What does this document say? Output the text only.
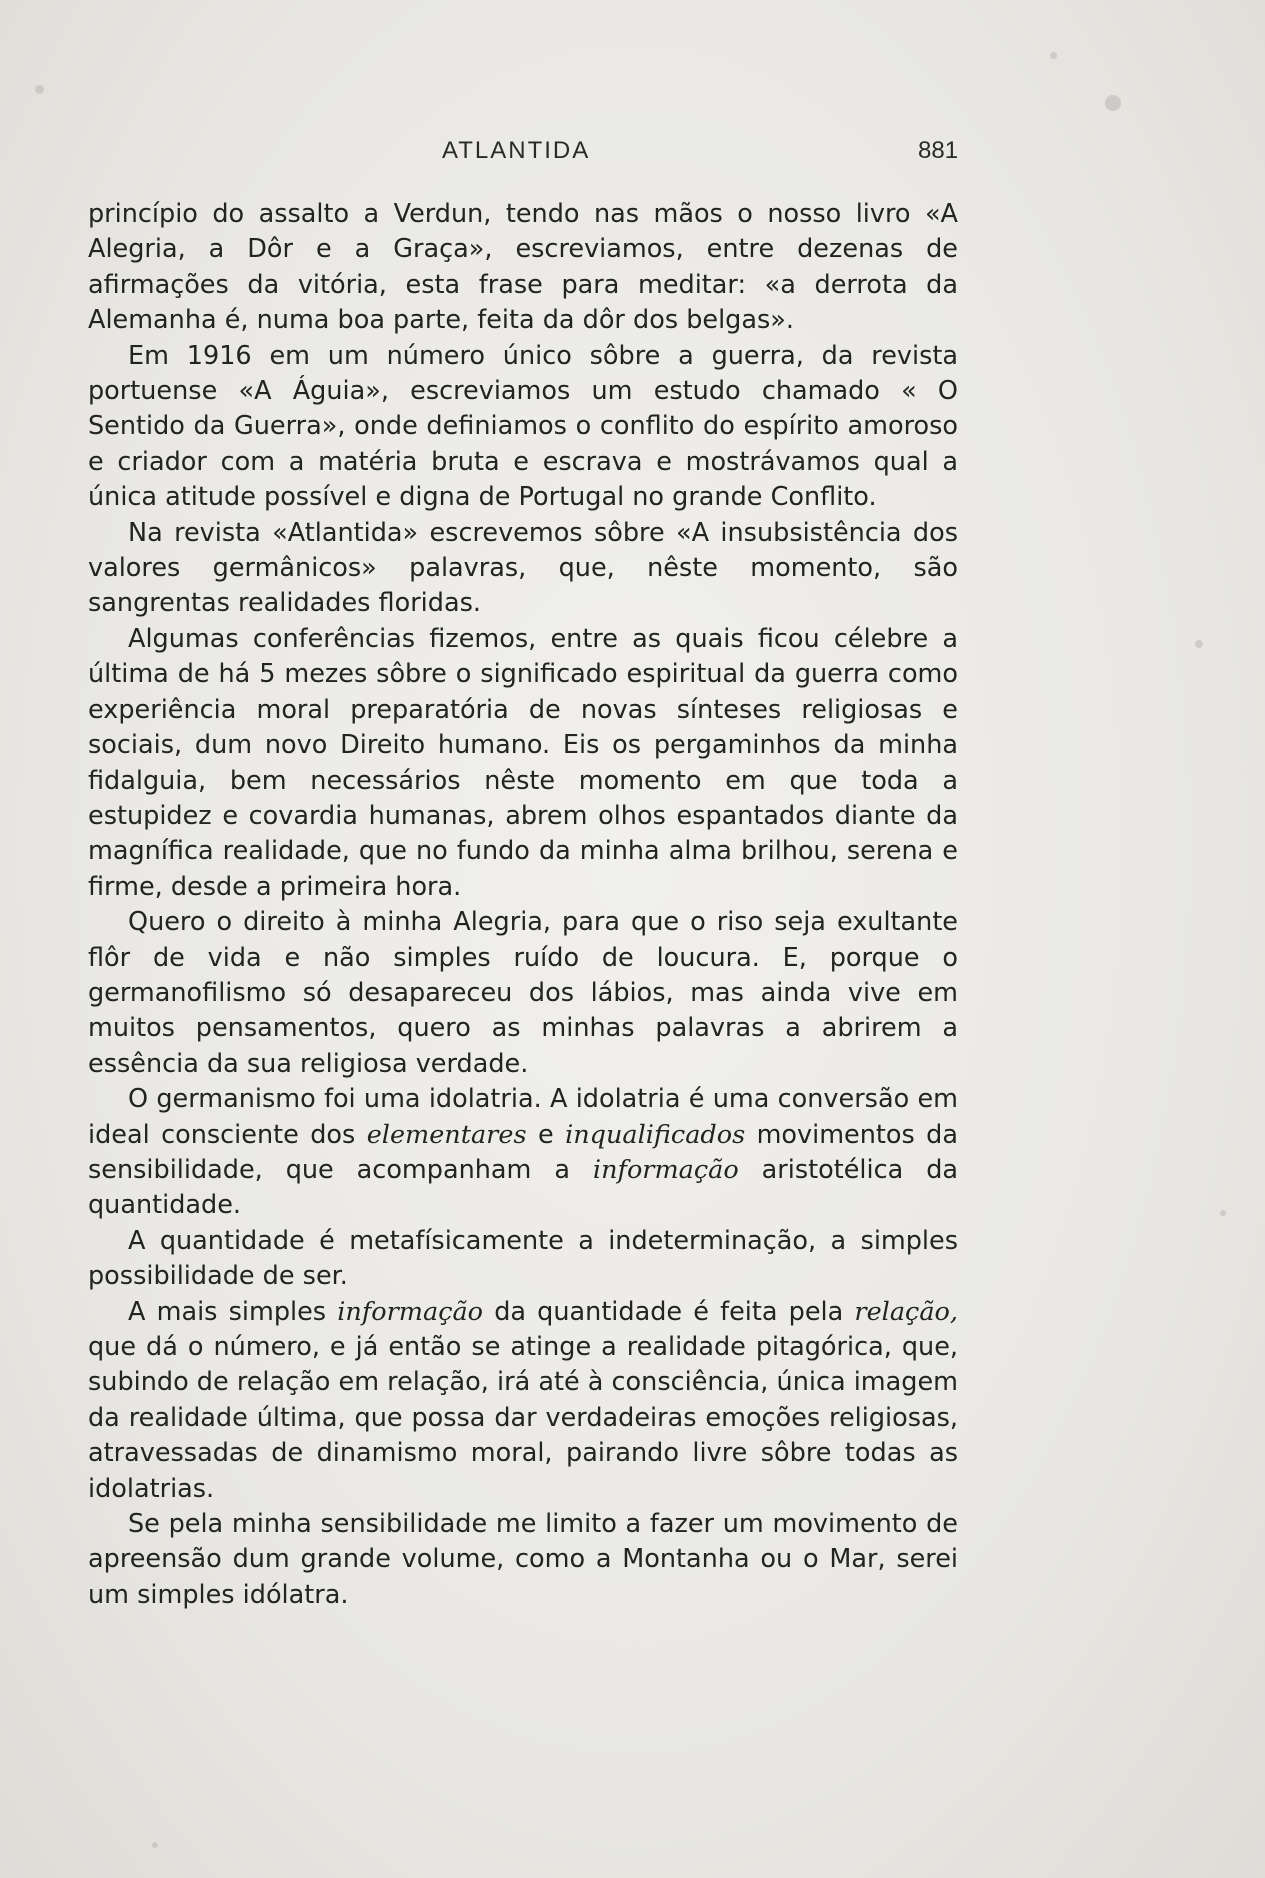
ATLANTIDA	881

princípio do assalto a Verdun, tendo nas mãos o nosso livro «A Alegria, a Dôr e a Graça», escreviamos, entre dezenas de afirmações da vitória, esta frase para meditar: «a derrota da Alemanha é, numa boa parte, feita da dôr dos belgas».

Em 1916 em um número único sôbre a guerra, da revista portuense «A Águia», escreviamos um estudo chamado « O Sentido da Guerra», onde definiamos o conflito do espírito amoroso e criador com a matéria bruta e escrava e mostrávamos qual a única atitude possível e digna de Portugal no grande Conflito.

Na revista «Atlantida» escrevemos sôbre «A insubsistência dos valores germânicos» palavras, que, nêste momento, são sangrentas realidades floridas.

Algumas conferências fizemos, entre as quais ficou célebre a última de há 5 mezes sôbre o significado espiritual da guerra como experiência moral preparatória de novas sínteses religiosas e sociais, dum novo Direito humano. Eis os pergaminhos da minha fidalguia, bem necessários nêste momento em que toda a estupidez e covardia humanas, abrem olhos espantados diante da magnífica realidade, que no fundo da minha alma brilhou, serena e firme, desde a primeira hora.

Quero o direito à minha Alegria, para que o riso seja exultante flôr de vida e não simples ruído de loucura. E, porque o germanofilismo só desapareceu dos lábios, mas ainda vive em muitos pensamentos, quero as minhas palavras a abrirem a essência da sua religiosa verdade.

O germanismo foi uma idolatria. A idolatria é uma conversão em ideal consciente dos elementares e inqualificados movimentos da sensibilidade, que acompanham a informação aristotélica da quantidade.

A quantidade é metafísicamente a indeterminação, a simples possibilidade de ser.

A mais simples informação da quantidade é feita pela relação, que dá o número, e já então se atinge a realidade pitagórica, que, subindo de relação em relação, irá até à consciência, única imagem da realidade última, que possa dar verdadeiras emoções religiosas, atravessadas de dinamismo moral, pairando livre sôbre todas as idolatrias.

Se pela minha sensibilidade me limito a fazer um movimento de apreensão dum grande volume, como a Montanha ou o Mar, serei um simples idólatra.
